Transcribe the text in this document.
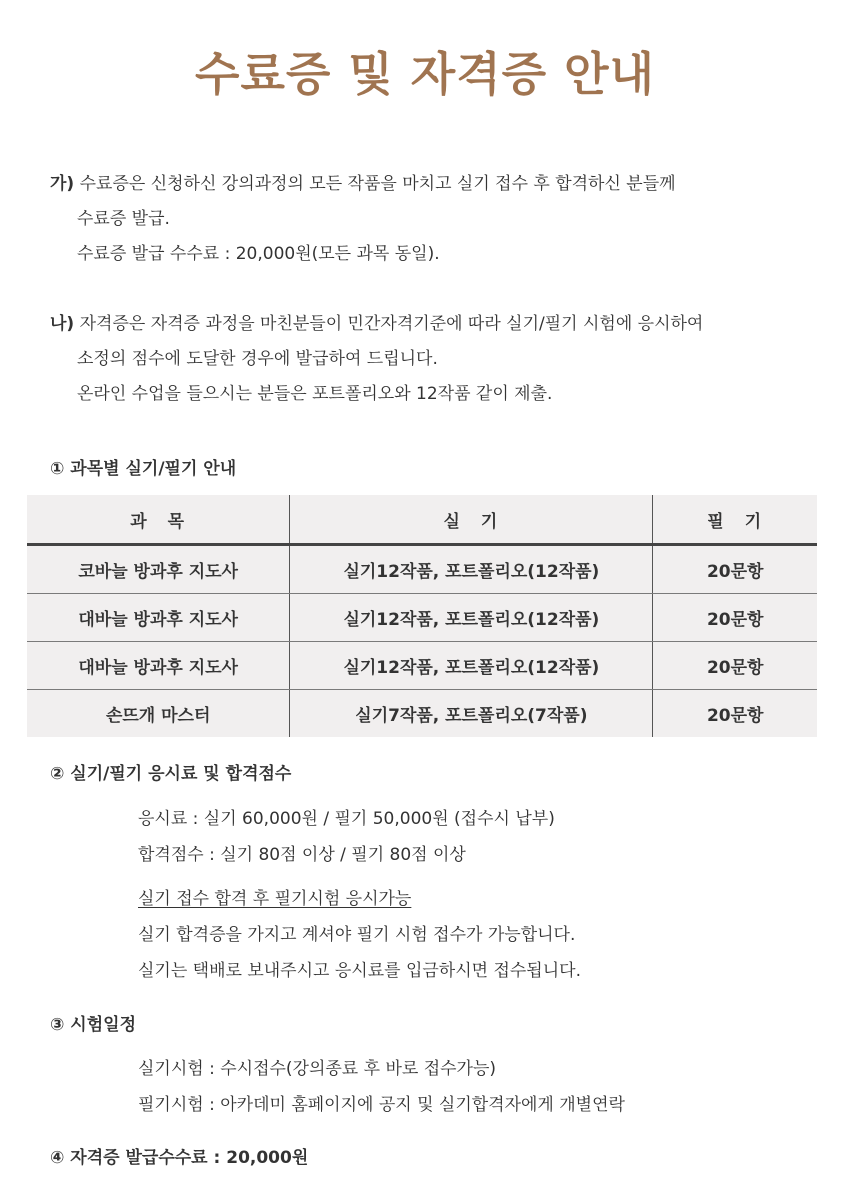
수료증 및 자격증 안내
가) 수료증은 신청하신 강의과정의 모든 작품을 마치고 실기 접수 후 합격하신 분들께
수료증 발급.
수료증 발급 수수료 : 20,000원(모든 과목 동일).
나) 자격증은 자격증 과정을 마친분들이 민간자격기준에 따라 실기/필기 시험에 응시하여
소정의 점수에 도달한 경우에 발급하여 드립니다.
온라인 수업을 들으시는 분들은 포트폴리오와 12작품 같이 제출.
① 과목별 실기/필기 안내
과　목	실　기	필　기
코바늘 방과후 지도사	실기12작품, 포트폴리오(12작품)	20문항
대바늘 방과후 지도사	실기12작품, 포트폴리오(12작품)	20문항
대바늘 방과후 지도사	실기12작품, 포트폴리오(12작품)	20문항
손뜨개 마스터	실기7작품, 포트폴리오(7작품)	20문항
② 실기/필기 응시료 및 합격점수
응시료 : 실기 60,000원 / 필기 50,000원 (접수시 납부)
합격점수 : 실기 80점 이상 / 필기 80점 이상
실기 접수 합격 후 필기시험 응시가능
실기 합격증을 가지고 계셔야 필기 시험 접수가 가능합니다.
실기는 택배로 보내주시고 응시료를 입금하시면 접수됩니다.
③ 시험일정
실기시험 : 수시접수(강의종료 후 바로 접수가능)
필기시험 : 아카데미 홈페이지에 공지 및 실기합격자에게 개별연락
④ 자격증 발급수수료 : 20,000원
